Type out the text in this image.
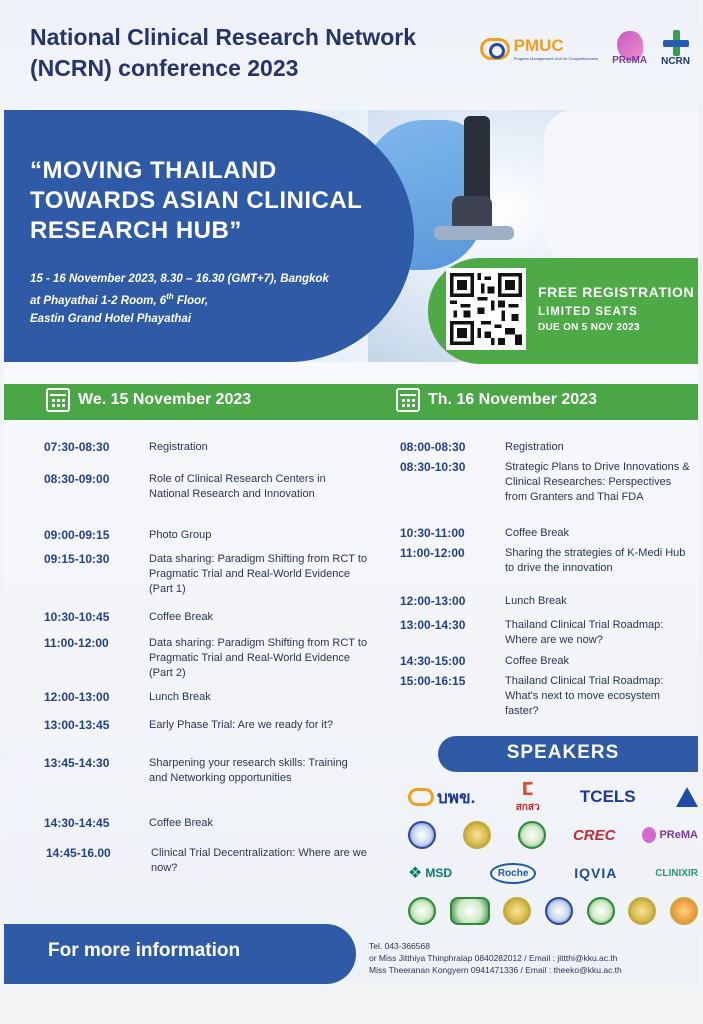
National Clinical Research Network
(NCRN) conference 2023
PMUC
Program Management Unit for Competitiveness PReMA NCRN
“MOVING THAILAND
TOWARDS ASIAN CLINICAL
RESEARCH HUB”
15 - 16 November 2023, 8.30 – 16.30 (GMT+7), Bangkok
at Phayathai 1-2 Room, 6th Floor,
Eastin Grand Hotel Phayathai
FREE REGISTRATION
LIMITED SEATS
DUE ON 5 NOV 2023
We. 15 November 2023	Th. 16 November 2023
07:30-08:30	Registration
08:30-09:00	Role of Clinical Research Centers in National Research and Innovation
09:00-09:15	Photo Group
09:15-10:30	Data sharing: Paradigm Shifting from RCT to Pragmatic Trial and Real-World Evidence (Part 1)
10:30-10:45	Coffee Break
11:00-12:00	Data sharing: Paradigm Shifting from RCT to Pragmatic Trial and Real-World Evidence (Part 2)
12:00-13:00	Lunch Break
13:00-13:45	Early Phase Trial: Are we ready for it?
13:45-14:30	Sharpening your research skills: Training and Networking opportunities
14:30-14:45	Coffee Break
14:45-16.00	Clinical Trial Decentralization: Where are we now?
08:00-08:30	Registration
08:30-10:30	Strategic Plans to Drive Innovations & Clinical Researches: Perspectives from Granters and Thai FDA
10:30-11:00	Coffee Break
11:00-12:00	Sharing the strategies of K-Medi Hub to drive the innovation
12:00-13:00	Lunch Break
13:00-14:30	Thailand Clinical Trial Roadmap: Where are we now?
14:30-15:00	Coffee Break
15:00-16:15	Thailand Clinical Trial Roadmap: What's next to move ecosystem faster?
SPEAKERS
บพข.	ⵎ
สกสว
TCELS
CREC	PReMA
❖ MSD	Roche	IQVIA	CLINIXIR
For more information	Tel. 043-366568
or Miss Jitthiya Thinphralap 0840282012 / Email : jittthi@kku.ac.th
Miss Theeranan Kongyern 0941471336 / Email : theeko@kku.ac.th
